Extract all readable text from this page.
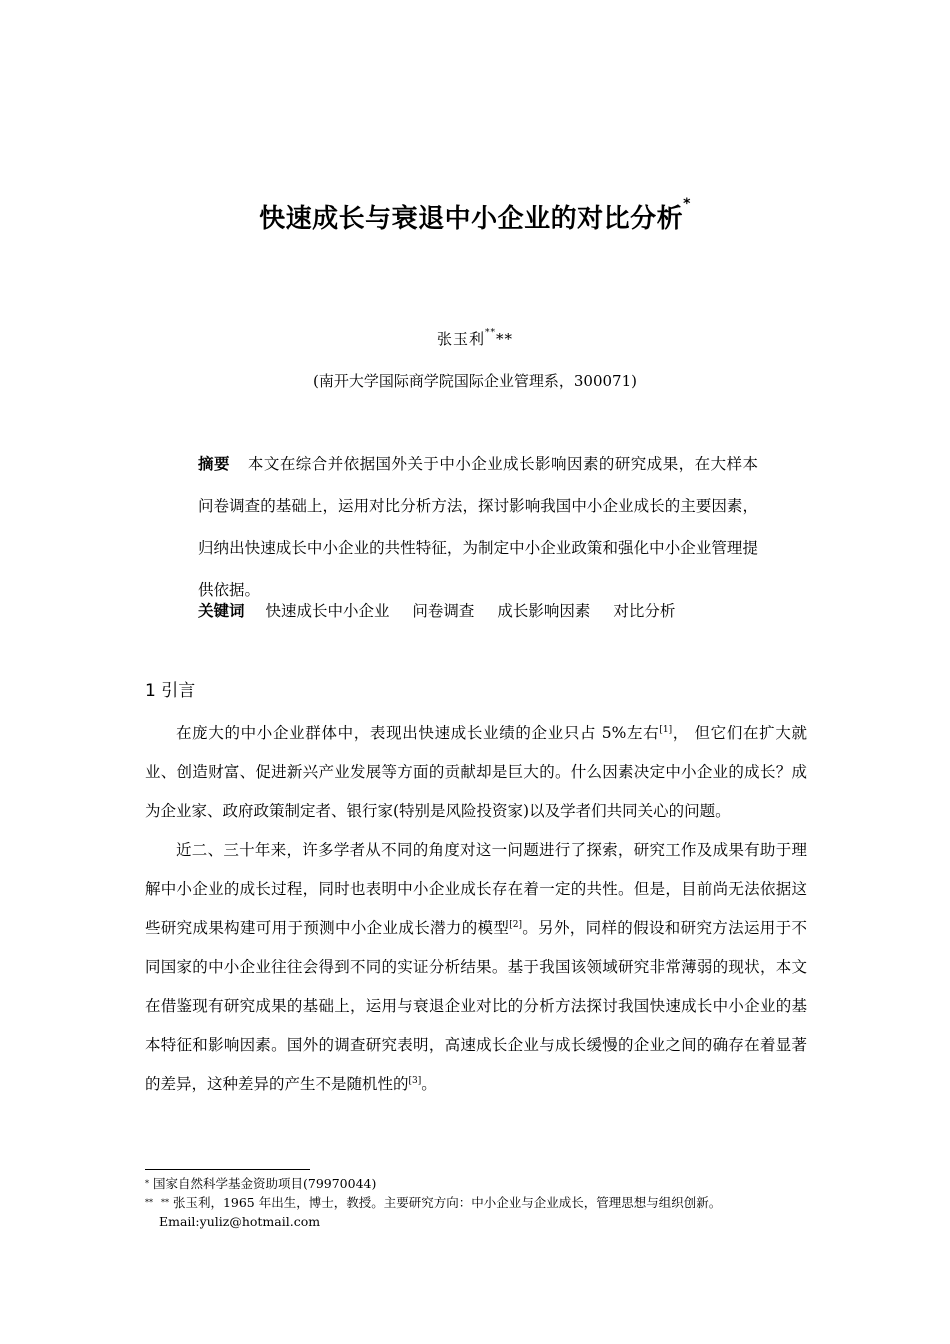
快速成长与衰退中小企业的对比分析*
张玉利****
(南开大学国际商学院国际企业管理系，300071)
摘要 本文在综合并依据国外关于中小企业成长影响因素的研究成果，在大样本问卷调查的基础上，运用对比分析方法，探讨影响我国中小企业成长的主要因素，归纳出快速成长中小企业的共性特征，为制定中小企业政策和强化中小企业管理提供依据。
关键词 快速成长中小企业 问卷调查 成长影响因素 对比分析
1 引言

在庞大的中小企业群体中，表现出快速成长业绩的企业只占 5%左右[1]， 但它们在扩大就业、创造财富、促进新兴产业发展等方面的贡献却是巨大的。什么因素决定中小企业的成长？成为企业家、政府政策制定者、银行家(特别是风险投资家)以及学者们共同关心的问题。

近二、三十年来，许多学者从不同的角度对这一问题进行了探索，研究工作及成果有助于理解中小企业的成长过程，同时也表明中小企业成长存在着一定的共性。但是，目前尚无法依据这些研究成果构建可用于预测中小企业成长潜力的模型[2]。另外，同样的假设和研究方法运用于不同国家的中小企业往往会得到不同的实证分析结果。基于我国该领域研究非常薄弱的现状，本文在借鉴现有研究成果的基础上，运用与衰退企业对比的分析方法探讨我国快速成长中小企业的基本特征和影响因素。国外的调查研究表明，高速成长企业与成长缓慢的企业之间的确存在着显著的差异，这种差异的产生不是随机性的[3]。

* 国家自然科学基金资助项目(79970044)
** ** 张玉利，1965 年出生，博士，教授。主要研究方向：中小企业与企业成长，管理思想与组织创新。
Email:yuliz@hotmail.com
